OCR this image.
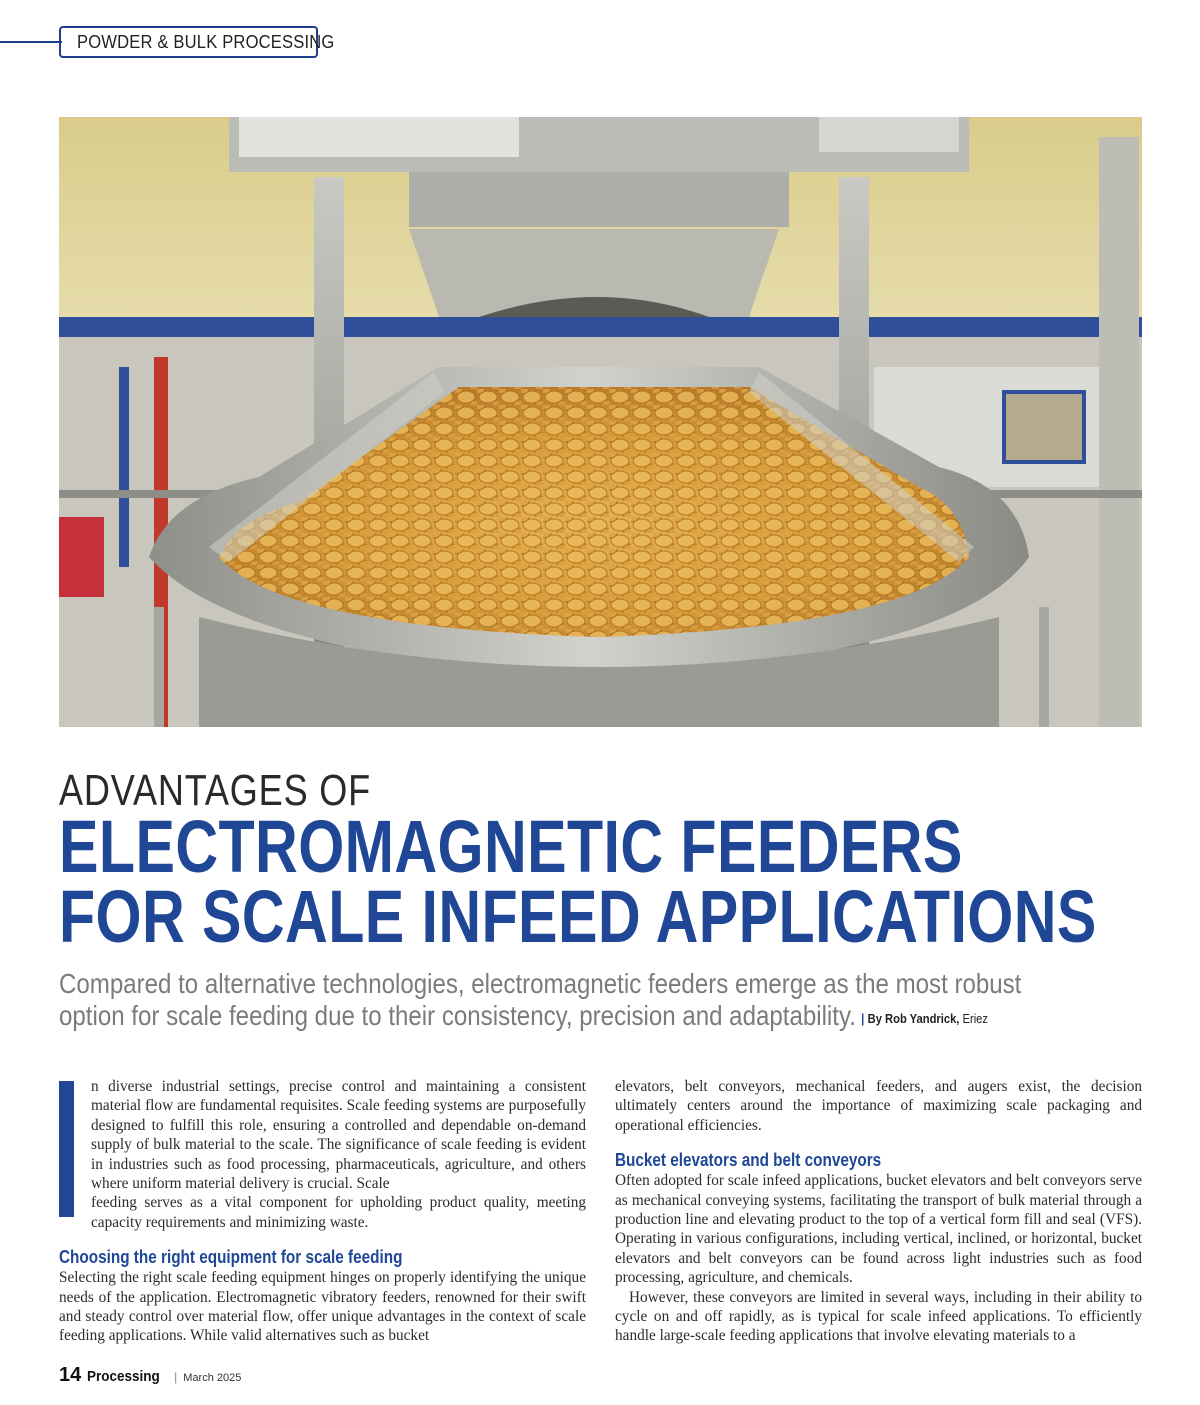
POWDER & BULK PROCESSING
ADVANTAGES OF
ELECTROMAGNETIC FEEDERS
FOR SCALE INFEED APPLICATIONS
Compared to alternative technologies, electromagnetic feeders emerge as the most robust
option for scale feeding due to their consistency, precision and adaptability. | By Rob Yandrick, Eriez

n diverse industrial settings, precise control and maintaining a consistent material flow are fundamental requisites. Scale feeding systems are purposefully designed to fulfill this role, ensuring a controlled and dependable on-demand supply of bulk material to the scale. The significance of scale feeding is evident in industries such as food processing, pharmaceuticals, agriculture, and others where uniform material delivery is crucial. Scale

feeding serves as a vital component for upholding product quality, meeting capacity requirements and minimizing waste.

Choosing the right equipment for scale feeding

Selecting the right scale feeding equipment hinges on properly identifying the unique needs of the application. Electromagnetic vibratory feeders, renowned for their swift and steady control over material flow, offer unique advantages in the context of scale feeding applications. While valid alternatives such as bucket

elevators, belt conveyors, mechanical feeders, and augers exist, the decision ultimately centers around the importance of maximizing scale packaging and operational efficiencies.

Bucket elevators and belt conveyors

Often adopted for scale infeed applications, bucket elevators and belt conveyors serve as mechanical conveying systems, facilitating the transport of bulk material through a production line and elevating product to the top of a vertical form fill and seal (VFS). Operating in various configurations, including vertical, inclined, or horizontal, bucket elevators and belt conveyors can be found across light industries such as food processing, agriculture, and chemicals.

However, these conveyors are limited in several ways, including in their ability to cycle on and off rapidly, as is typical for scale infeed applications. To efficiently handle large-scale feeding applications that involve elevating materials to a

14 Processing | March 2025
